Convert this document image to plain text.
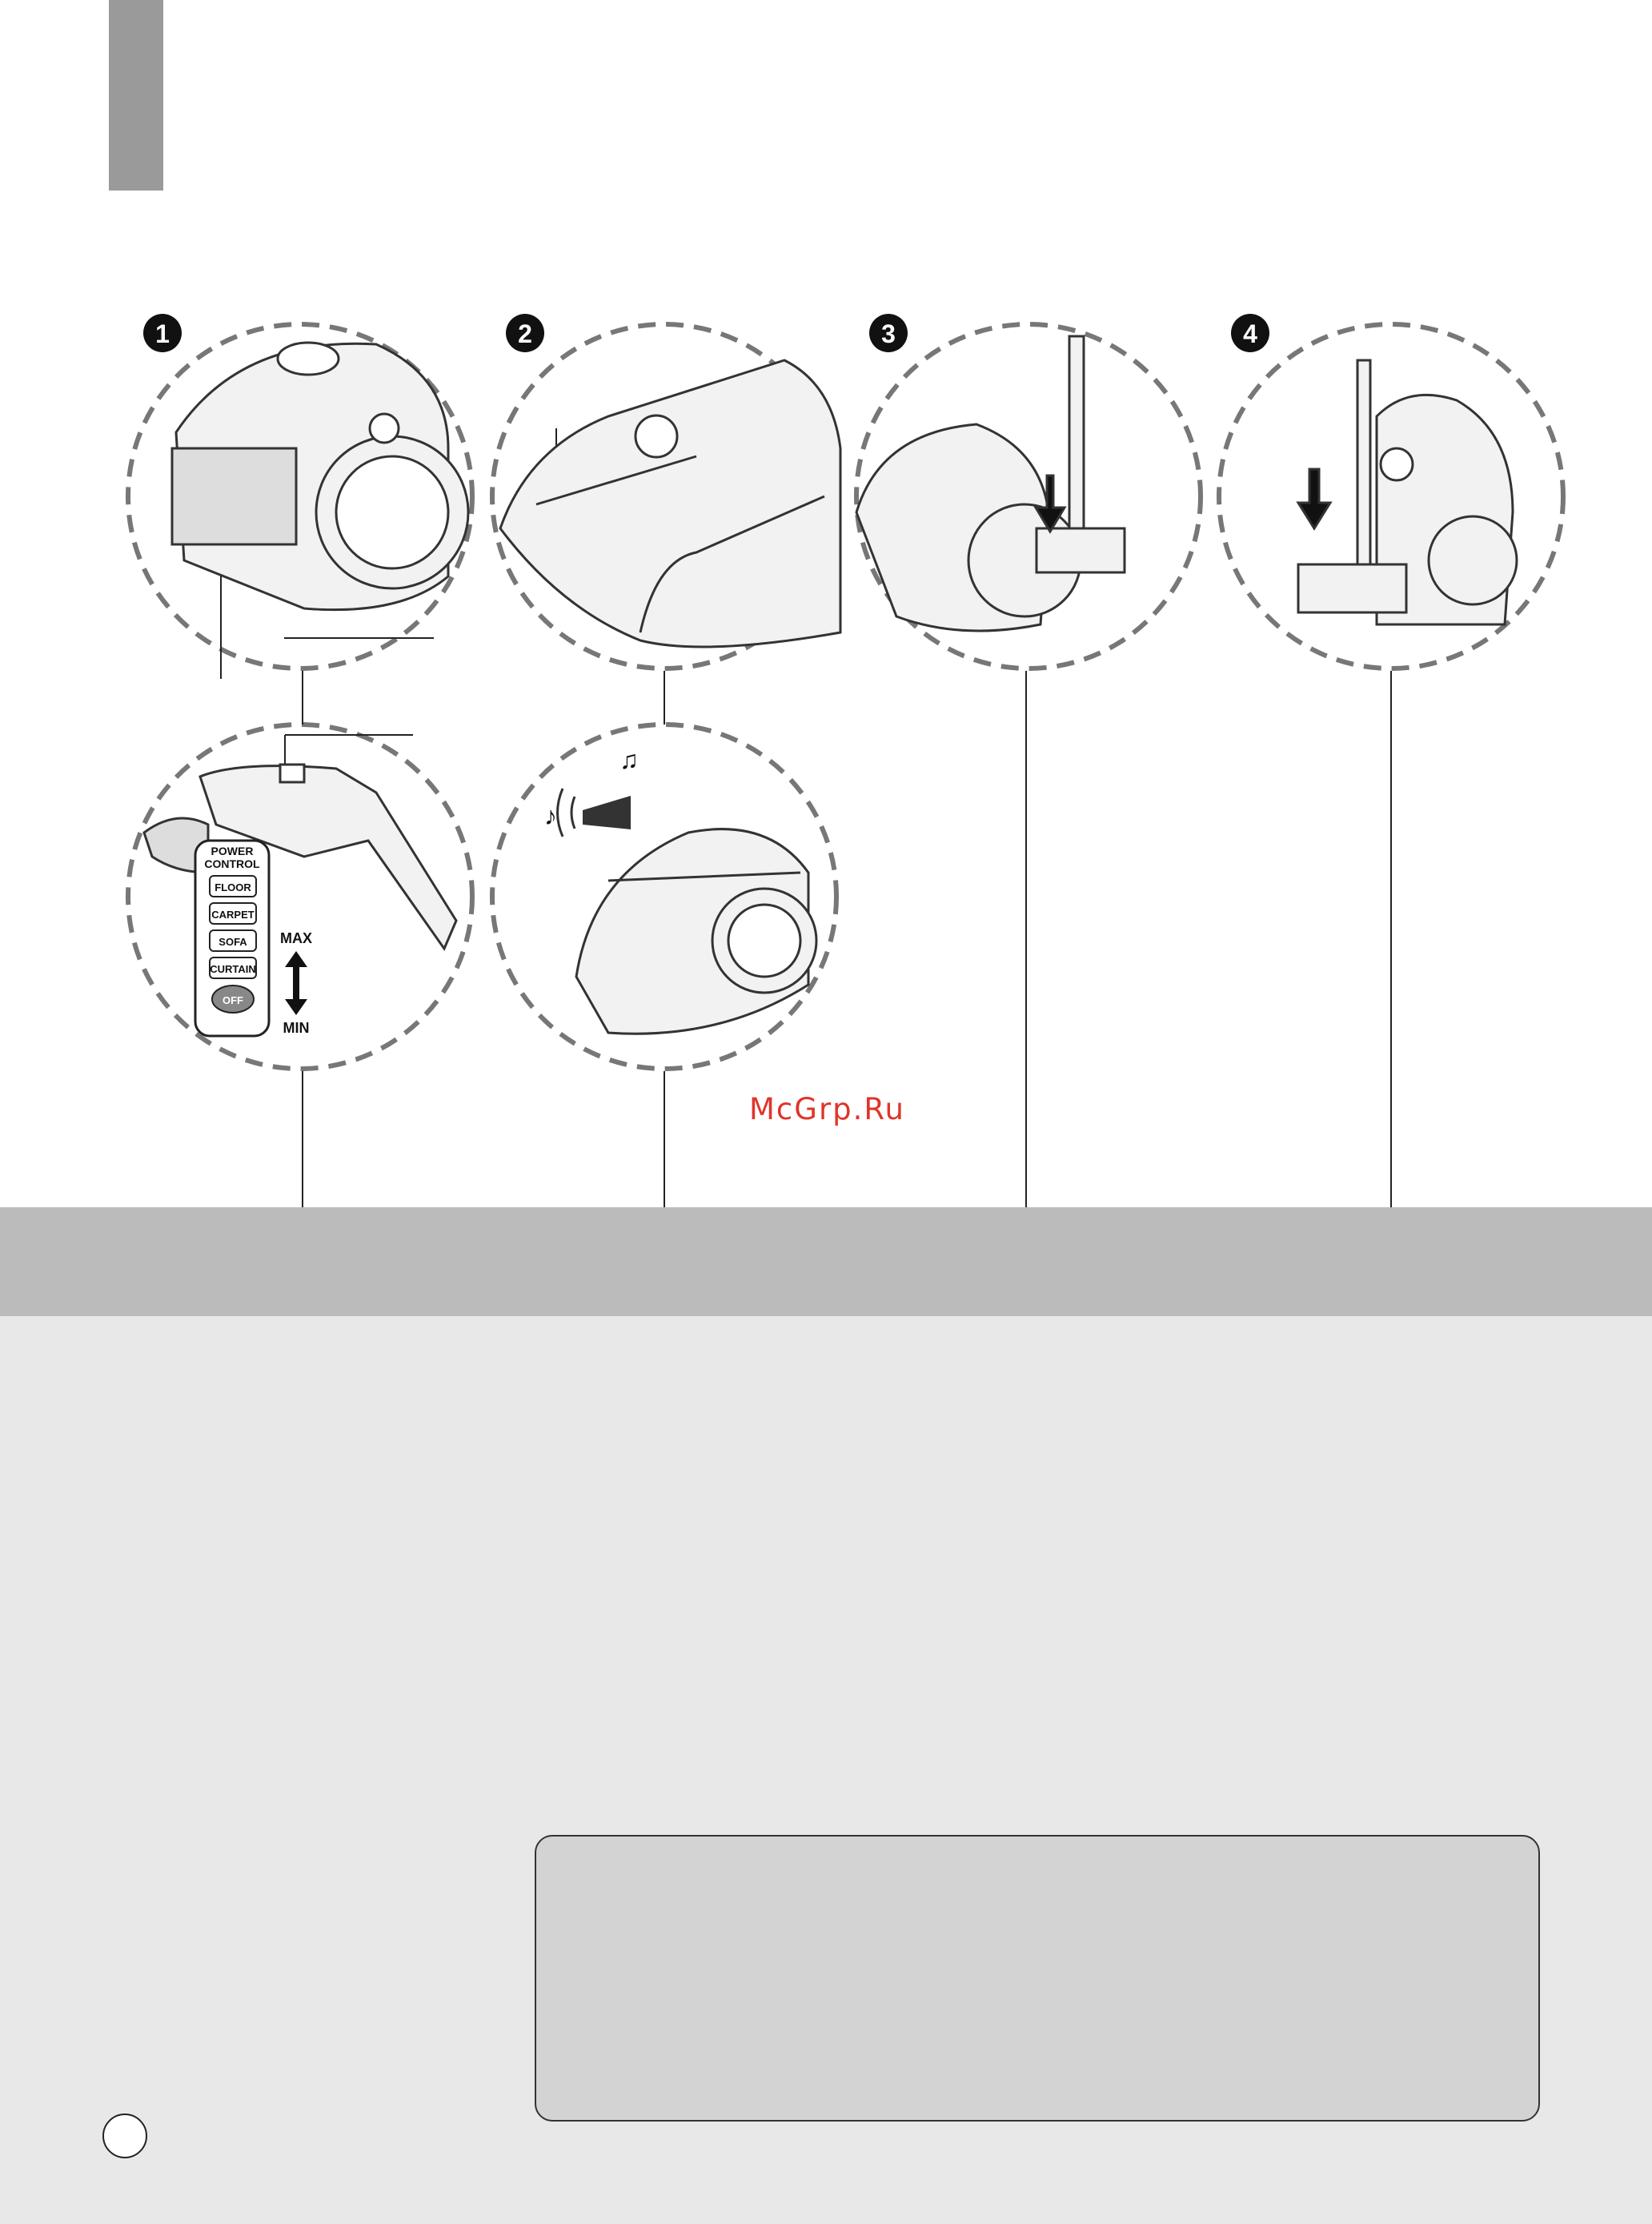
1	2	3	4
POWER
CONTROL
FLOOR
CARPET
SOFA
CURTAIN
OFF
MAX
MIN
♪
♫
McGrp.Ru
